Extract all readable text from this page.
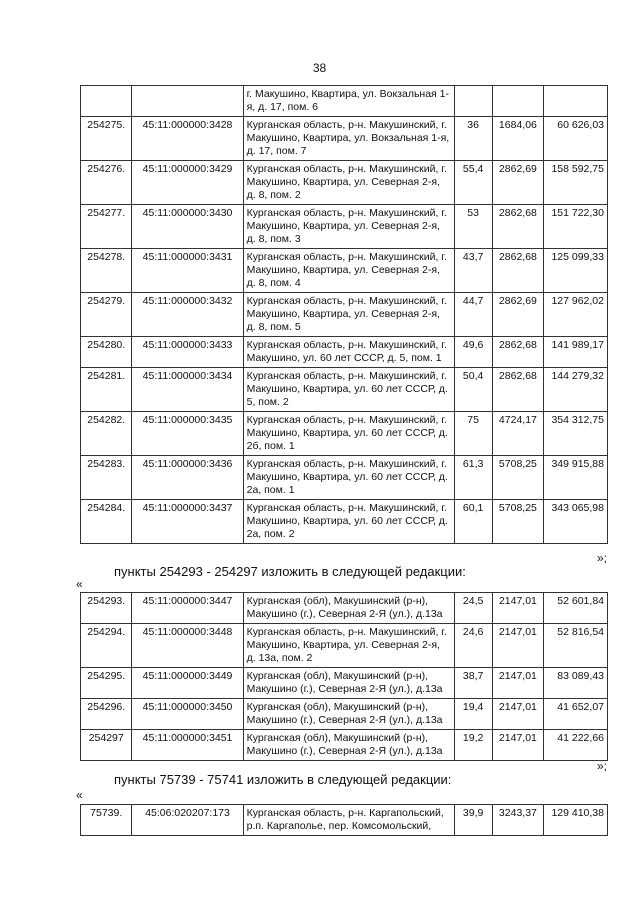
38
		г. Макушино, Квартира, ул. Вокзальная 1-я, д. 17, пом. 6			
254275.	45:11:000000:3428	Курганская область, р-н. Макушинский, г. Макушино, Квартира, ул. Вокзальная 1-я, д. 17, пом. 7	36	1684,06	60 626,03
254276.	45:11:000000:3429	Курганская область, р-н. Макушинский, г. Макушино, Квартира, ул. Северная 2-я, д. 8, пом. 2	55,4	2862,69	158 592,75
254277.	45:11:000000:3430	Курганская область, р-н. Макушинский, г. Макушино, Квартира, ул. Северная 2-я, д. 8, пом. 3	53	2862,68	151 722,30
254278.	45:11:000000:3431	Курганская область, р-н. Макушинский, г. Макушино, Квартира, ул. Северная 2-я, д. 8, пом. 4	43,7	2862,68	125 099,33
254279.	45:11:000000:3432	Курганская область, р-н. Макушинский, г. Макушино, Квартира, ул. Северная 2-я, д. 8, пом. 5	44,7	2862,69	127 962,02
254280.	45:11:000000:3433	Курганская область, р-н. Макушинский, г. Макушино, ул. 60 лет СССР, д. 5, пом. 1	49,6	2862,68	141 989,17
254281.	45:11:000000:3434	Курганская область, р-н. Макушинский, г. Макушино, Квартира, ул. 60 лет СССР, д. 5, пом. 2	50,4	2862,68	144 279,32
254282.	45:11:000000:3435	Курганская область, р-н. Макушинский, г. Макушино, Квартира, ул. 60 лет СССР, д. 2б, пом. 1	75	4724,17	354 312,75
254283.	45:11:000000:3436	Курганская область, р-н. Макушинский, г. Макушино, Квартира, ул. 60 лет СССР, д. 2а, пом. 1	61,3	5708,25	349 915,88
254284.	45:11:000000:3437	Курганская область, р-н. Макушинский, г. Макушино, Квартира, ул. 60 лет СССР, д. 2а, пом. 2	60,1	5708,25	343 065,98
»;
пункты 254293 - 254297 изложить в следующей редакции:
«
254293.	45:11:000000:3447	Курганская (обл), Макушинский (р-н), Макушино (г.), Северная 2-Я (ул.), д.13а	24,5	2147,01	52 601,84
254294.	45:11:000000:3448	Курганская область, р-н. Макушинский, г. Макушино, Квартира, ул. Северная 2-я, д. 13а, пом. 2	24,6	2147,01	52 816,54
254295.	45:11:000000:3449	Курганская (обл), Макушинский (р-н), Макушино (г.), Северная 2-Я (ул.), д.13а	38,7	2147,01	83 089,43
254296.	45:11:000000:3450	Курганская (обл), Макушинский (р-н), Макушино (г.), Северная 2-Я (ул.), д.13а	19,4	2147,01	41 652,07
254297	45:11:000000:3451	Курганская (обл), Макушинский (р-н), Макушино (г.), Северная 2-Я (ул.), д.13а	19,2	2147,01	41 222,66
»;
пункты 75739 - 75741 изложить в следующей редакции:
«
75739.	45:06:020207:173	Курганская область, р-н. Каргапольский, р.п. Каргаполье, пер. Комсомольский,	39,9	3243,37	129 410,38
